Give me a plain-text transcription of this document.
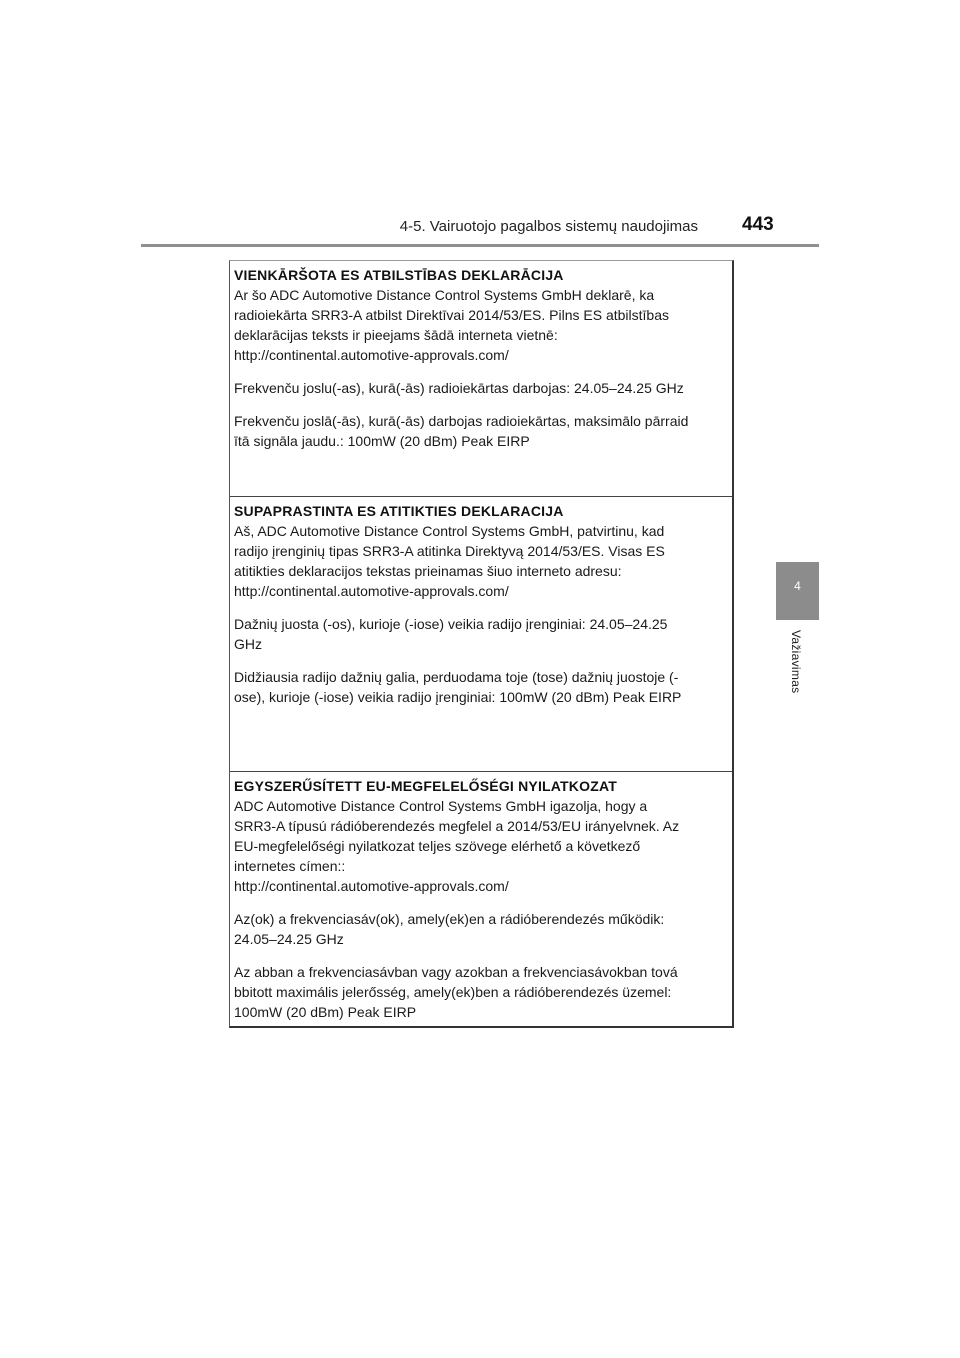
4-5. Vairuotojo pagalbos sistemų naudojimas 443
4
Važiavimas
VIENKĀRŠOTA ES ATBILSTĪBAS DEKLARĀCIJA
Ar šo ADC Automotive Distance Control Systems GmbH deklarē, ka
radioiekārta SRR3-A atbilst Direktīvai 2014/53/ES. Pilns ES atbilstības
deklarācijas teksts ir pieejams šādā interneta vietnē:
http://continental.automotive-approvals.com/
Frekvenču joslu(-as), kurā(-ās) radioiekārtas darbojas: 24.05–24.25 GHz
Frekvenču joslā(-ās), kurā(-ās) darbojas radioiekārtas, maksimālo pārraid
ītā signāla jaudu.: 100mW (20 dBm) Peak EIRP
SUPAPRASTINTA ES ATITIKTIES DEKLARACIJA
Aš, ADC Automotive Distance Control Systems GmbH, patvirtinu, kad
radijo įrenginių tipas SRR3-A atitinka Direktyvą 2014/53/ES. Visas ES
atitikties deklaracijos tekstas prieinamas šiuo interneto adresu:
http://continental.automotive-approvals.com/
Dažnių juosta (-os), kurioje (-iose) veikia radijo įrenginiai: 24.05–24.25
GHz
Didžiausia radijo dažnių galia, perduodama toje (tose) dažnių juostoje (-
ose), kurioje (-iose) veikia radijo įrenginiai: 100mW (20 dBm) Peak EIRP
EGYSZERŰSÍTETT EU-MEGFELELŐSÉGI NYILATKOZAT
ADC Automotive Distance Control Systems GmbH igazolja, hogy a
SRR3-A típusú rádióberendezés megfelel a 2014/53/EU irányelvnek. Az
EU-megfelelőségi nyilatkozat teljes szövege elérhető a következő
internetes címen::
http://continental.automotive-approvals.com/
Az(ok) a frekvenciasáv(ok), amely(ek)en a rádióberendezés működik:
24.05–24.25 GHz
Az abban a frekvenciasávban vagy azokban a frekvenciasávokban tová
bbitott maximális jelerősség, amely(ek)ben a rádióberendezés üzemel:
100mW (20 dBm) Peak EIRP
